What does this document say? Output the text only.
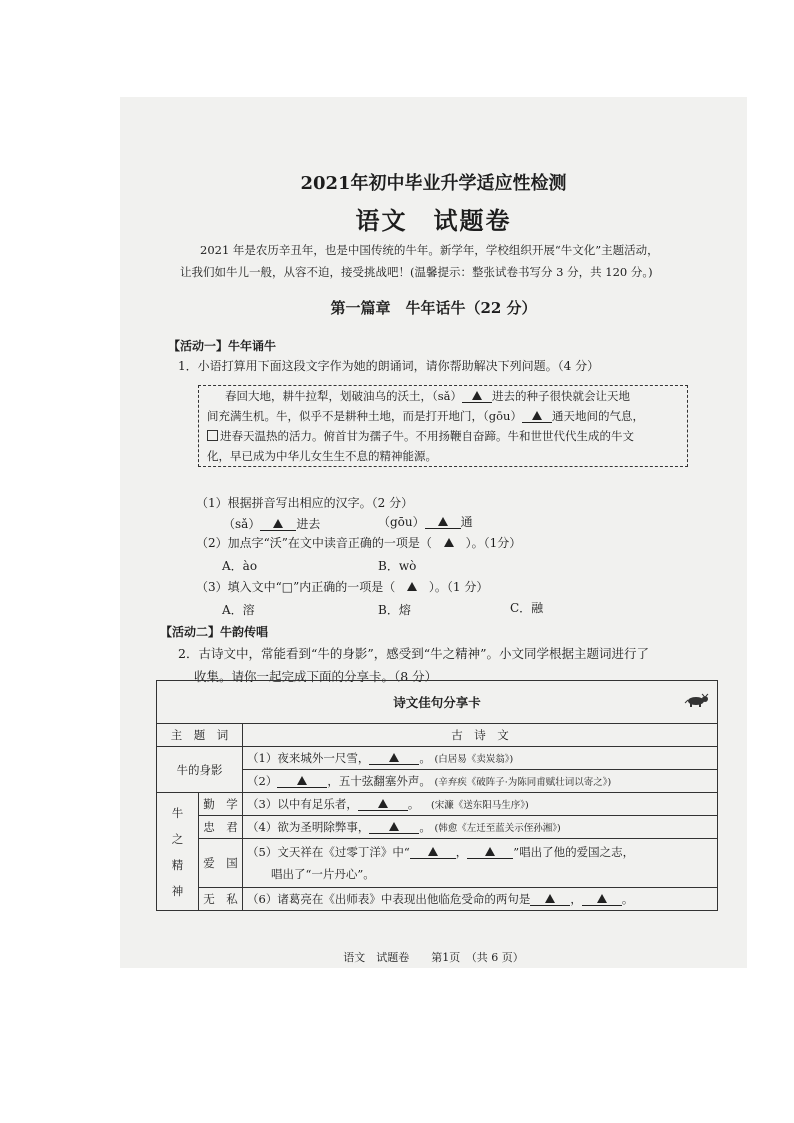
2021年初中毕业升学适应性检测
语文　试题卷
2021 年是农历辛丑年，也是中国传统的牛年。新学年，学校组织开展“牛文化”主题活动，
让我们如牛儿一般，从容不迫，接受挑战吧！(温馨提示：整张试卷书写分 3 分，共 120 分。)
第一篇章　牛年话牛（22 分）
【活动一】牛年诵牛
1．小语打算用下面这段文字作为她的朗诵词，请你帮助解决下列问题。（4 分）
春回大地，耕牛拉犁，划破油乌的沃土，（sǎ）	进去的种子很快就会让天地
间充满生机。牛，似乎不是耕种土地，而是打开地门，（gōu）	通天地间的气息，
进春天温热的活力。俯首甘为孺子牛。不用扬鞭自奋蹄。牛和世世代代生成的牛文
化，早已成为中华儿女生生不息的精神能源。
（1）根据拼音写出相应的汉字。（2 分）
（sǎ）	进去	（gōu）	通
（2）加点字“沃”在文中读音正确的一项是（	）。（1分）
A．ào	B．wò
（3）填入文中“□”内正确的一项是（	）。（1 分）
A．溶	B．熔	C．融
【活动二】牛韵传唱
2．古诗文中，常能看到“牛的身影”，感受到“牛之精神”。小文同学根据主题词进行了
收集。请你一起完成下面的分享卡。（8 分）
诗文佳句分享卡		

主　题　词		古　诗　文
牛的身影		（1）夜来城外一尺雪， 。 (白居易《卖炭翁》)
		（2） ，五十弦翻塞外声。 (辛弃疾《破阵子·为陈同甫赋壮词以寄之》)
牛
之
精
神	勤　学	（3）以中有足乐者， 。 (宋濂《送东阳马生序》)
	忠　君	（4）欲为圣明除弊事， 。 (韩愈《左迁至蓝关示侄孙湘》)
	爱　国	（5）文天祥在《过零丁洋》中“ ， ”唱出了他的爱国之志，
唱出了“一片丹心”。
	无　私	（6）诸葛亮在《出师表》中表现出他临危受命的两句是 ， 。
语文　试题卷　　第1页　（共 6 页）
